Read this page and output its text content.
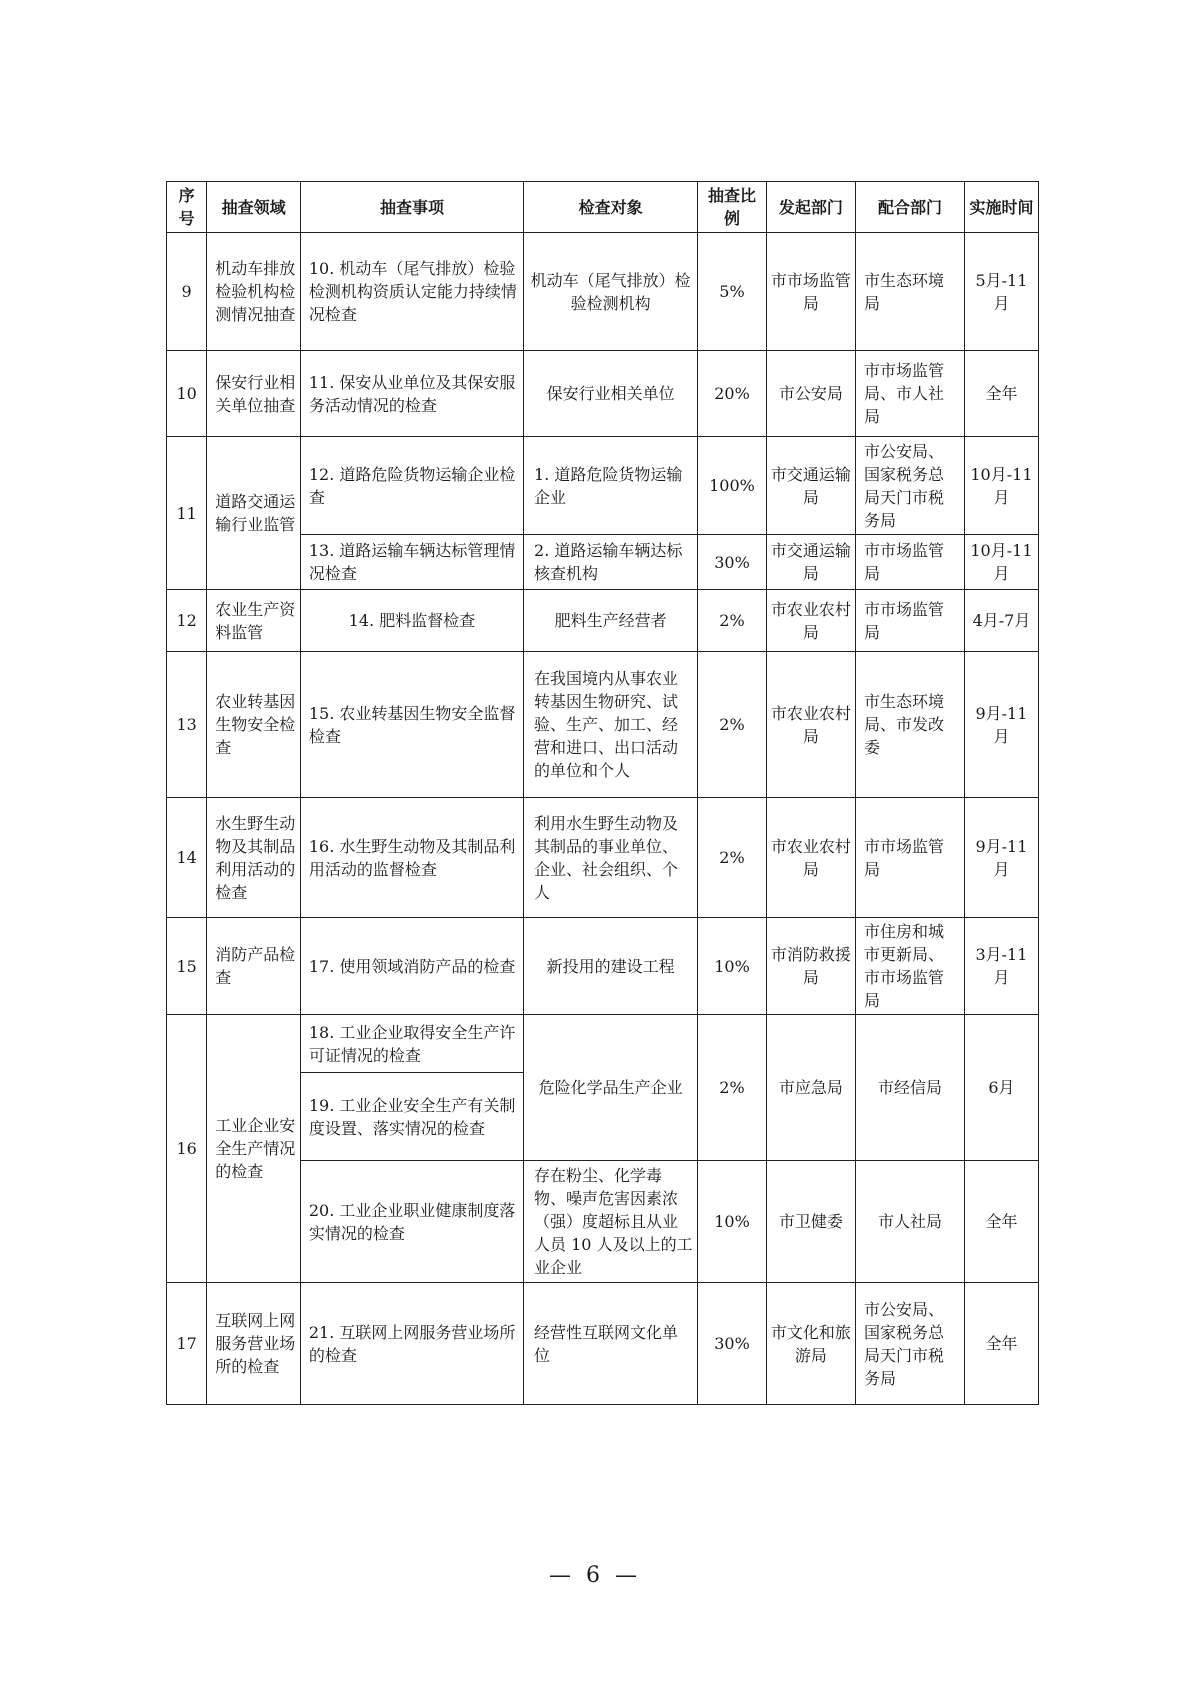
序号	抽查领域	抽查事项	检查对象	抽查比例	发起部门	配合部门	实施时间
9	机动车排放检验机构检测情况抽查	10. 机动车（尾气排放）检验检测机构资质认定能力持续情况检查	机动车（尾气排放）检验检测机构	5%	市市场监管局	市生态环境局	5月-11月
10	保安行业相关单位抽查	11. 保安从业单位及其保安服务活动情况的检查	保安行业相关单位	20%	市公安局	市市场监管局、市人社局	全年
11	道路交通运输行业监管	12. 道路危险货物运输企业检查	1. 道路危险货物运输企业	100%	市交通运输局	市公安局、国家税务总局天门市税务局	10月-11月
		13. 道路运输车辆达标管理情况检查	2. 道路运输车辆达标核查机构	30%	市交通运输局	市市场监管局	10月-11月
12	农业生产资料监管	14. 肥料监督检查	肥料生产经营者	2%	市农业农村局	市市场监管局	4月-7月
13	农业转基因生物安全检查	15. 农业转基因生物安全监督检查	在我国境内从事农业转基因生物研究、试验、生产、加工、经营和进口、出口活动的单位和个人	2%	市农业农村局	市生态环境局、市发改委	9月-11月
14	水生野生动物及其制品利用活动的检查	16. 水生野生动物及其制品利用活动的监督检查	利用水生野生动物及其制品的事业单位、企业、社会组织、个人	2%	市农业农村局	市市场监管局	9月-11月
15	消防产品检查	17. 使用领域消防产品的检查	新投用的建设工程	10%	市消防救援局	市住房和城市更新局、市市场监管局	3月-11月
16	工业企业安全生产情况的检查	18. 工业企业取得安全生产许可证情况的检查	危险化学品生产企业	2%	市应急局	市经信局	6月
		19. 工业企业安全生产有关制度设置、落实情况的检查					
		20. 工业企业职业健康制度落实情况的检查	存在粉尘、化学毒物、噪声危害因素浓（强）度超标且从业人员 10 人及以上的工业企业	10%	市卫健委	市人社局	全年
17	互联网上网服务营业场所的检查	21. 互联网上网服务营业场所的检查	经营性互联网文化单位	30%	市文化和旅游局	市公安局、国家税务总局天门市税务局	全年
— 6 —
